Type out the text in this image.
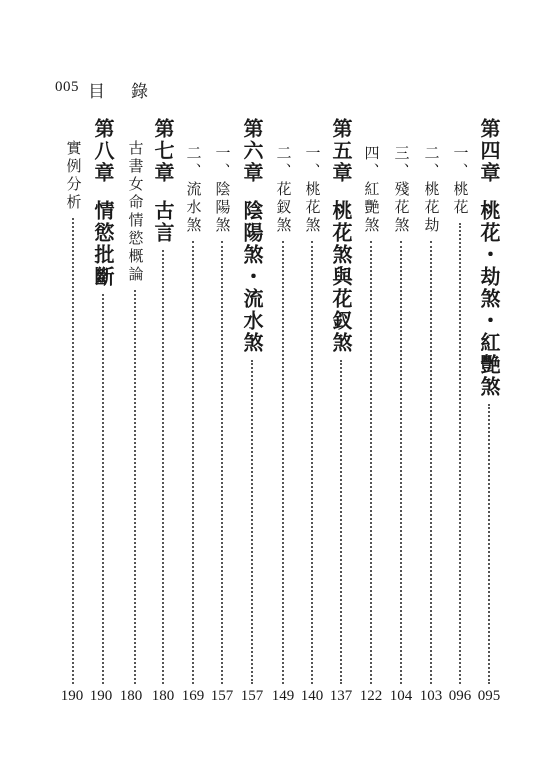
005 目 錄
第四章
桃花・劫煞・紅艷煞
095
一、桃花
096
二、桃花劫
103
三、殘花煞
104
四、紅艷煞
122
第五章
桃花煞與花釵煞
137
一、桃花煞
140
二、花釵煞
149
第六章
陰陽煞・流水煞
157
一、陰陽煞
157
二、流水煞
169
第七章
古言
180
古書女命情慾概論
180
第八章
情慾批斷
190
實例分析
190
